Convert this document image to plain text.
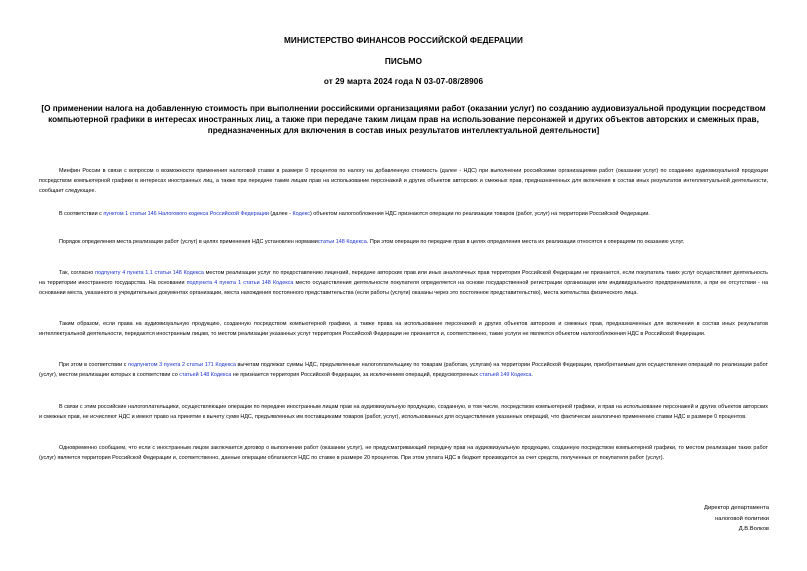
МИНИСТЕРСТВО ФИНАНСОВ РОССИЙСКОЙ ФЕДЕРАЦИИ
ПИСЬМО
от 29 марта 2024 года N 03-07-08/28906
[О применении налога на добавленную стоимость при выполнении российскими организациями работ (оказании услуг) по созданию аудиовизуальной продукции посредством компьютерной графики в интересах иностранных лиц, а также при передаче таким лицам прав на использование персонажей и других объектов авторских и смежных прав, предназначенных для включения в состав иных результатов интеллектуальной деятельности]
Минфин России в связи с вопросом о возможности применения налоговой ставки в размере 0 процентов по налогу на добавленную стоимость (далее - НДС) при выполнении российскими организациями работ (оказании услуг) по созданию аудиовизуальной продукции посредством компьютерной графики в интересах иностранных лиц, а также при передаче таким лицам прав на использование персонажей и других объектов авторских и смежных прав, предназначенных для включения в состав иных результатов интеллектуальной деятельности, сообщает следующее.
В соответствии с пунктом 1 статьи 146 Налогового кодекса Российской Федерации (далее - Кодекс) объектом налогообложения НДС признаются операции по реализации товаров (работ, услуг) на территории Российской Федерации.
Порядок определения места реализации работ (услуг) в целях применения НДС установлен нормамистатьи 148 Кодекса. При этом операции по передаче прав в целях определения места их реализации относятся к операциям по оказанию услуг.
Так, согласно подпункту 4 пункта 1.1 статьи 148 Кодекса местом реализации услуг по предоставлению лицензий, передаче авторских прав или иных аналогичных прав территория Российской Федерации не признается, если покупатель таких услуг осуществляет деятельность на территории иностранного государства. На основании подпункта 4 пункта 1 статьи 148 Кодекса место осуществления деятельности покупателя определяется на основе государственной регистрации организации или индивидуального предпринимателя, а при ее отсутствии - на основании места, указанного в учредительных документах организации, места нахождения постоянного представительства (если работы (услуги) оказаны через это постоянное представительство), места жительства физического лица.
Таким образом, если права на аудиовизуальную продукцию, созданную посредством компьютерной графики, а также права на использование персонажей и других объектов авторских и смежных прав, предназначенных для включения в состав иных результатов интеллектуальной деятельности, передаются иностранным лицам, то местом реализации указанных услуг территория Российской Федерации не признается и, соответственно, такие услуги не являются объектом налогообложения НДС в Российской Федерации.
При этом в соответствии с подпунктом 3 пункта 2 статьи 171 Кодекса вычетам подлежат суммы НДС, предъявленные налогоплательщику по товарам (работам, услугам) на территории Российской Федерации, приобретаемым для осуществления операций по реализации работ (услуг), местом реализации которых в соответствии со статьей 148 Кодекса не признается территория Российской Федерации, за исключением операций, предусмотренных статьей 149 Кодекса.
В связи с этим российские налогоплательщики, осуществляющие операции по передаче иностранным лицам прав на аудиовизуальную продукцию, созданную, в том числе, посредством компьютерной графики, и прав на использование персонажей и других объектов авторских и смежных прав, не исчисляют НДС и имеют право на принятие к вычету сумм НДС, предъявленных им поставщиками товаров (работ, услуг), использованных для осуществления указанных операций, что фактически аналогично применению ставки НДС в размере 0 процентов.
Одновременно сообщаем, что если с иностранным лицом заключается договор о выполнении работ (оказании услуг), не предусматривающий передачу прав на аудиовизуальную продукцию, созданную посредством компьютерной графики, то местом реализации таких работ (услуг) является территория Российской Федерации и, соответственно, данные операции облагаются НДС по ставке в размере 20 процентов. При этом уплата НДС в бюджет производится за счет средств, полученных от покупателя работ (услуг).
Директор департамента
налоговой политики
Д.В.Волков
